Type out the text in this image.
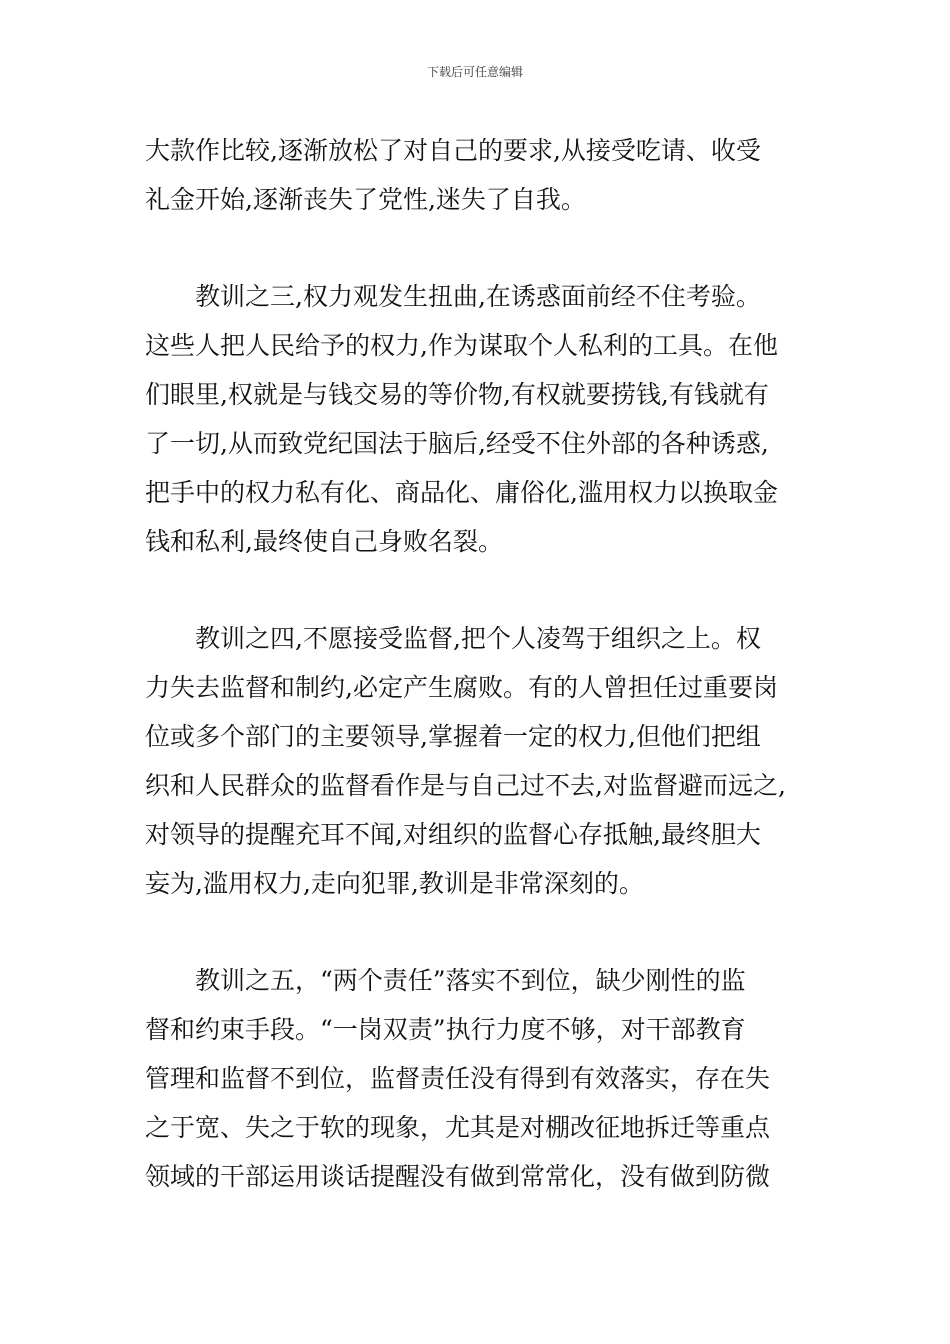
下载后可任意编辑
大款作比较,逐渐放松了对自己的要求,从接受吃请、收受
礼金开始,逐渐丧失了党性,迷失了自我。
　　教训之三,权力观发生扭曲,在诱惑面前经不住考验。
这些人把人民给予的权力,作为谋取个人私利的工具。在他
们眼里,权就是与钱交易的等价物,有权就要捞钱,有钱就有
了一切,从而致党纪国法于脑后,经受不住外部的各种诱惑,
把手中的权力私有化、商品化、庸俗化,滥用权力以换取金
钱和私利,最终使自己身败名裂。
　　教训之四,不愿接受监督,把个人凌驾于组织之上。权
力失去监督和制约,必定产生腐败。有的人曾担任过重要岗
位或多个部门的主要领导,掌握着一定的权力,但他们把组
织和人民群众的监督看作是与自己过不去,对监督避而远之,
对领导的提醒充耳不闻,对组织的监督心存抵触,最终胆大
妄为,滥用权力,走向犯罪,教训是非常深刻的。
　　教训之五，“两个责任”落实不到位，缺少刚性的监
督和约束手段。“一岗双责”执行力度不够，对干部教育
管理和监督不到位，监督责任没有得到有效落实，存在失
之于宽、失之于软的现象，尤其是对棚改征地拆迁等重点
领域的干部运用谈话提醒没有做到常常化，没有做到防微
